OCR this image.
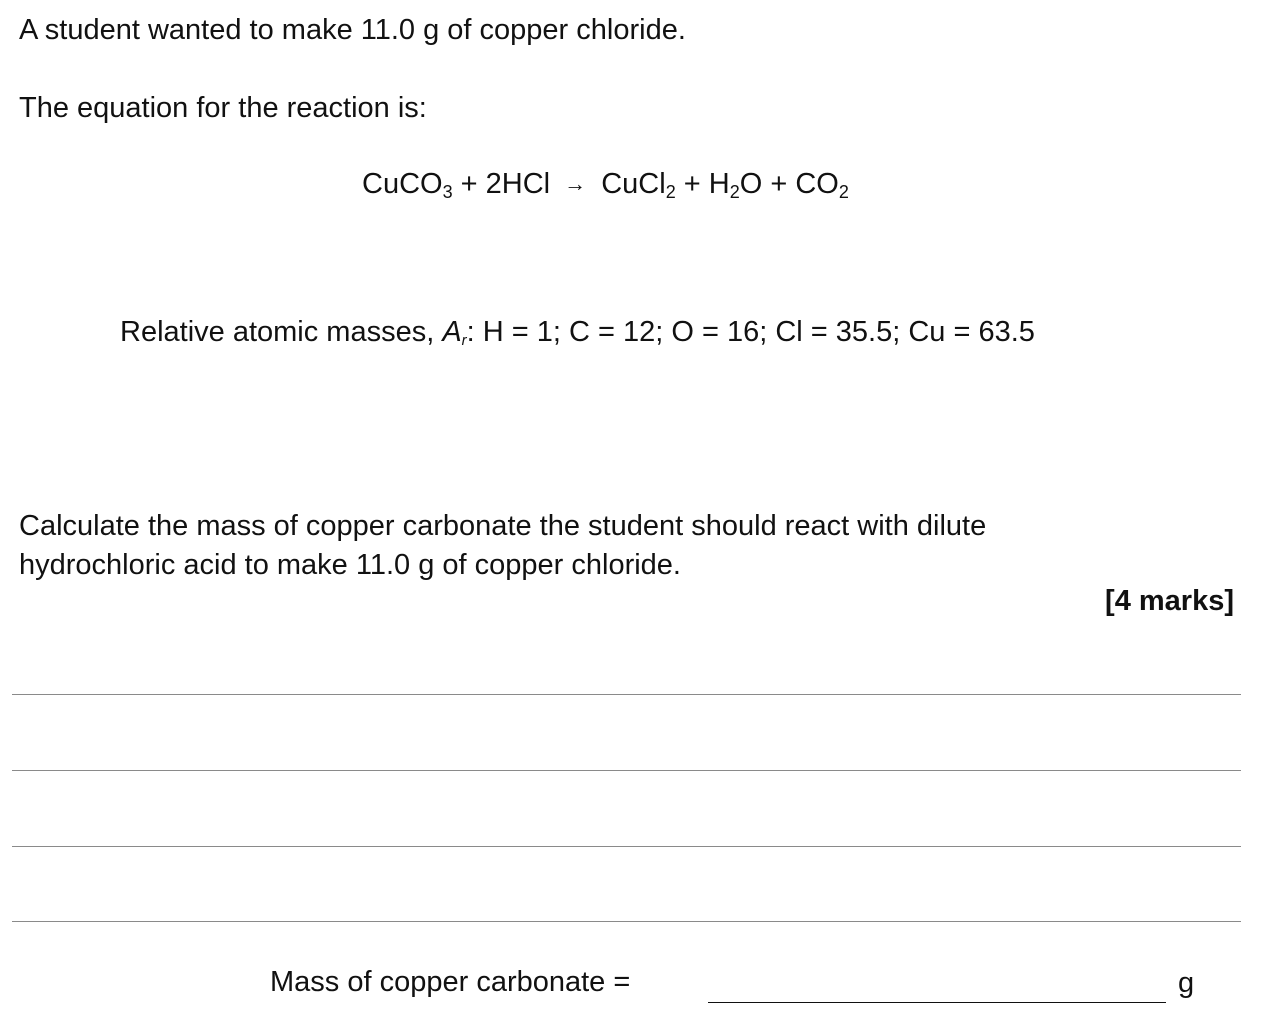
A student wanted to make 11.0 g of copper chloride.
The equation for the reaction is:
CuCO$_3$ + 2HCl → CuCl$_2$ + $H_2O + CO_2$
Relative atomic masses, $A_r$: H = 1; C = 12; O = 16; Cl = 35.5; Cu = 63.5
Calculate the mass of copper carbonate the student should react with dilute hydrochloric acid to make 11.0 g of copper chloride.
[4 marks]
Mass of copper carbonate =	g
